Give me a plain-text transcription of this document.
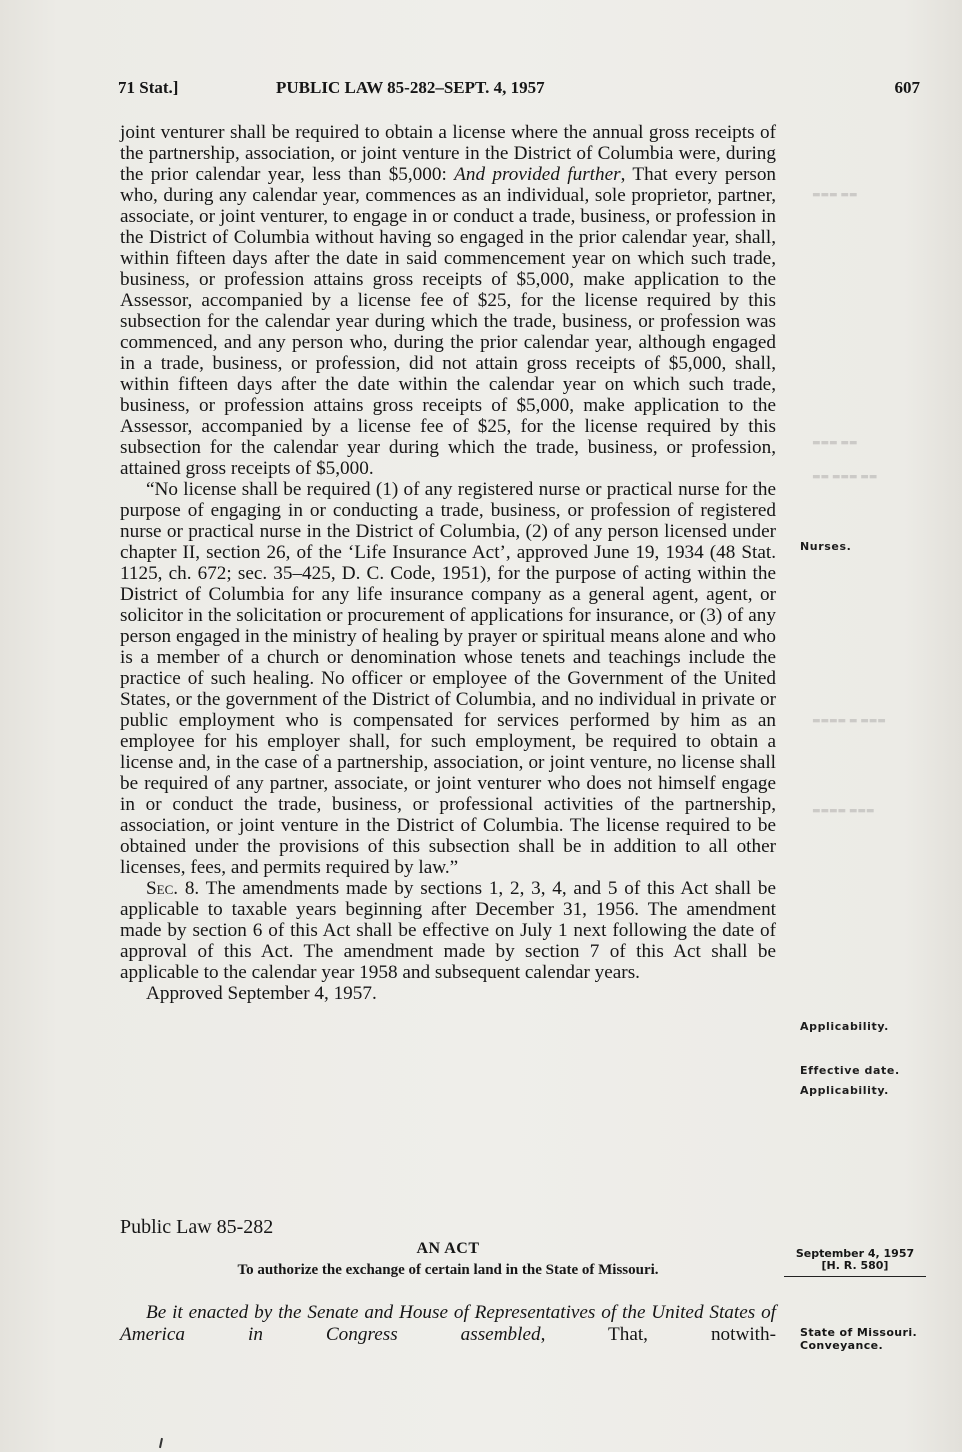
▬▬▬ ▬▬
▬▬▬ ▬▬
▬▬ ▬▬▬ ▬▬
▬▬▬▬ ▬ ▬▬▬
▬▬▬▬ ▬▬▬
71 Stat.]	PUBLIC LAW 85-282–SEPT. 4, 1957	607

joint venturer shall be required to obtain a license where the annual gross receipts of the partnership, association, or joint venture in the District of Columbia were, during the prior calendar year, less than $5,000: And provided further, That every person who, during any calendar year, commences as an individual, sole proprietor, partner, associate, or joint venturer, to engage in or conduct a trade, business, or profession in the District of Columbia without having so engaged in the prior calendar year, shall, within fifteen days after the date in said commencement year on which such trade, business, or profession attains gross receipts of $5,000, make application to the Assessor, accompanied by a license fee of $25, for the license required by this subsection for the calendar year during which the trade, business, or profession was commenced, and any person who, during the prior calendar year, although engaged in a trade, business, or profession, did not attain gross receipts of $5,000, shall, within fifteen days after the date within the calendar year on which such trade, business, or profession attains gross receipts of $5,000, make application to the Assessor, accompanied by a license fee of $25, for the license required by this subsection for the calendar year during which the trade, business, or profession, attained gross receipts of $5,000.

“No license shall be required (1) of any registered nurse or practical nurse for the purpose of engaging in or conducting a trade, business, or profession of registered nurse or practical nurse in the District of Columbia, (2) of any person licensed under chapter II, section 26, of the ‘Life Insurance Act’, approved June 19, 1934 (48 Stat. 1125, ch. 672; sec. 35–425, D. C. Code, 1951), for the purpose of acting within the District of Columbia for any life insurance company as a general agent, agent, or solicitor in the solicitation or procurement of applications for insurance, or (3) of any person engaged in the ministry of healing by prayer or spiritual means alone and who is a member of a church or denomination whose tenets and teachings include the practice of such healing. No officer or employee of the Government of the United States, or the government of the District of Columbia, and no individual in private or public employment who is compensated for services performed by him as an employee for his employer shall, for such employment, be required to obtain a license and, in the case of a partnership, association, or joint venture, no license shall be required of any partner, associate, or joint venturer who does not himself engage in or conduct the trade, business, or professional activities of the partnership, association, or joint venture in the District of Columbia. The license required to be obtained under the provisions of this subsection shall be in addition to all other licenses, fees, and permits required by law.”

Sec. 8. The amendments made by sections 1, 2, 3, 4, and 5 of this Act shall be applicable to taxable years beginning after December 31, 1956. The amendment made by section 6 of this Act shall be effective on July 1 next following the date of approval of this Act. The amendment made by section 7 of this Act shall be applicable to the calendar year 1958 and subsequent calendar years.

Approved September 4, 1957.

Public Law 85-282
AN ACT
To authorize the exchange of certain land in the State of Missouri.

Be it enacted by the Senate and House of Representatives of the United States of America in Congress assembled, That, notwith-

Nurses.
Applicability.
Effective date.
Applicability.
September 4, 1957
[H. R. 580]
State of Missouri.
Conveyance.
